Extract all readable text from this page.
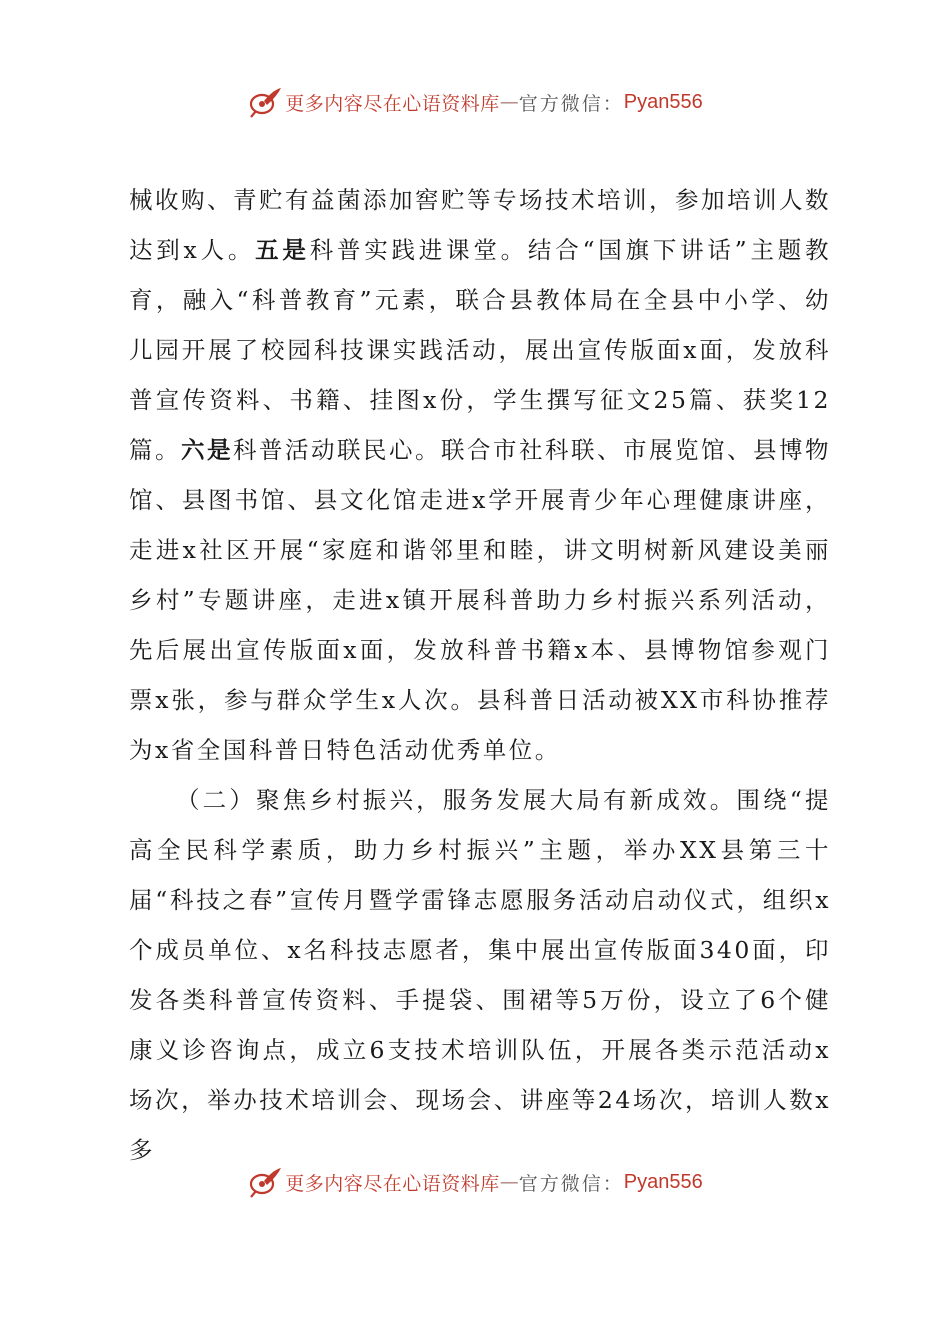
更多内容尽在心语资料库 — 官方微信： Pyan556

械收购、青贮有益菌添加窖贮等专场技术培训，参加培训人数达到x人。五是科普实践进课堂。结合“国旗下讲话”主题教育，融入“科普教育”元素，联合县教体局在全县中小学、幼儿园开展了校园科技课实践活动，展出宣传版面x面，发放科普宣传资料、书籍、挂图x份，学生撰写征文25篇、获奖12篇。六是科普活动联民心。联合市社科联、市展览馆、县博物馆、县图书馆、县文化馆走进x学开展青少年心理健康讲座，走进x社区开展“家庭和谐邻里和睦，讲文明树新风建设美丽乡村”专题讲座，走进x镇开展科普助力乡村振兴系列活动，先后展出宣传版面x面，发放科普书籍x本、县博物馆参观门票x张，参与群众学生x人次。县科普日活动被XX市科协推荐为x省全国科普日特色活动优秀单位。

（二）聚焦乡村振兴，服务发展大局有新成效。围绕“提高全民科学素质，助力乡村振兴”主题，举办XX县第三十届“科技之春”宣传月暨学雷锋志愿服务活动启动仪式，组织x个成员单位、x名科技志愿者，集中展出宣传版面340面，印发各类科普宣传资料、手提袋、围裙等5万份，设立了6个健康义诊咨询点，成立6支技术培训队伍，开展各类示范活动x场次，举办技术培训会、现场会、讲座等24场次，培训人数x多

更多内容尽在心语资料库 — 官方微信： Pyan556
